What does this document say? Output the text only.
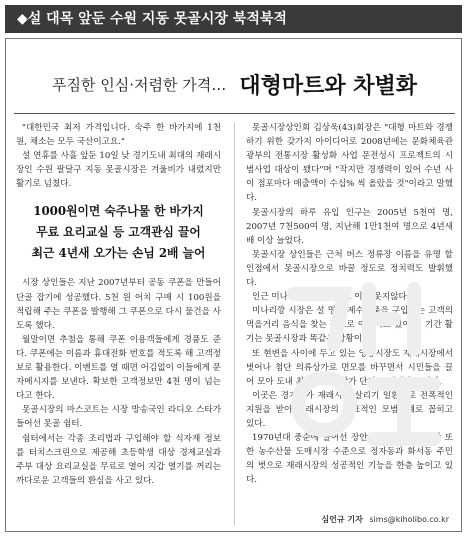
◆설 대목 앞둔 수원 지동 못골시장 북적북적
푸짐한 인심·저렴한 가격… 대형마트와 차별화

"대한민국 최저 가격입니다. 숙주 한 바가지에 1천 원, 채소는 모두 국산이고요."

설 연휴를 사흘 앞둔 10일 낮 경기도내 최대의 재래시장인 수원 팔달구 지동 못골시장은 겨울비가 내렸지만 활기로 넘쳤다.

1000원이면 숙주나물 한 바가지
무료 요리교실 등 고객관심 끌어
최근 4년새 오가는 손님 2배 늘어

시장 상인들은 지난 2007년부터 공동 쿠폰을 만들어 단골 잡기에 성공했다. 5천 원 어치 구매 시 100원을 적립해 주는 쿠폰을 발행해 그 쿠폰으로 다시 물건을 사도록 했다.

월말이면 추첨을 통해 쿠폰 이용객들에게 경품도 준다. 쿠폰에는 이름과 휴대전화 번호를 적도록 해 고객정보로 활용한다. 이벤트를 열 때면 어김없이 이들에게 문자메시지를 보낸다. 확보한 고객정보만 4천 명이 넘는다고 한다.

못골시장의 마스코트는 시장 방송국인 라디오 스타가 들어선 못골 쉼터.

쉼터에서는 각종 조리법과 구입해야 할 식자재 정보를 터치스크린으로 제공해 초등학생 대상 경제교실과 주부 대상 요리교실을 무료로 열어 지갑 열기를 꺼리는 까다로운 고객들의 환심을 사고 있다.

못골시장상인회 김상욱(43)회장은 "대형 마트와 경쟁하기 위한 갖가지 아이디어로 2008년에는 문화체육관광부의 전통시장 활성화 사업 문전성시 프로젝트의 시범사업 대상이 됐다"며 "작지만 경쟁력이 있어 수년 사이 점포마다 매출액이 수십% 씩 올랐을 것"이라고 말했다.

못골시장의 하루 유입 인구는 2005년 5천여 명, 2007년 7천500여 명, 지난해 1만1천여 명으로 4년새 배 이상 늘었다.

못골시장 상인들은 근처 버스 정류장 이름을 유명 할인점에서 못골시장으로 바꿀 정도로 정치력도 발휘했다.

인근 미나리깡 시장 활기도 이에 못지않다.

미나리깡 시장은 설 명절 제수용품을 구입하는 고객의 먹을거리 음식을 찾는 장소로 이용되고 있어 이 기간 활기는 못골시장과 똑같은 상황이다.

또 현변을 사이에 두고 있는 영동시장도 재래시장에서 벗어나 첨단 의류상가로 면모를 바꾸면서 시민들을 끌어 모아 도내 최고의 의류상가 단지로 태어나고 있다.

이곳은 경기도가 재래시장 살리기 일환으로 전폭적인 지원을 받아 재래시장의 대표적인 모범사례로 꼽히고 있다.

1970년대 중순에 들어선 장안구 화서동 화서시장 또한 농수산물 도매시장 수준으로 정자동과 화서동 주민의 벗으로 재래시장의 성공적인 기능을 한층 높이고 있다.

심언규 기자 sims@kiholibo.co.kr
